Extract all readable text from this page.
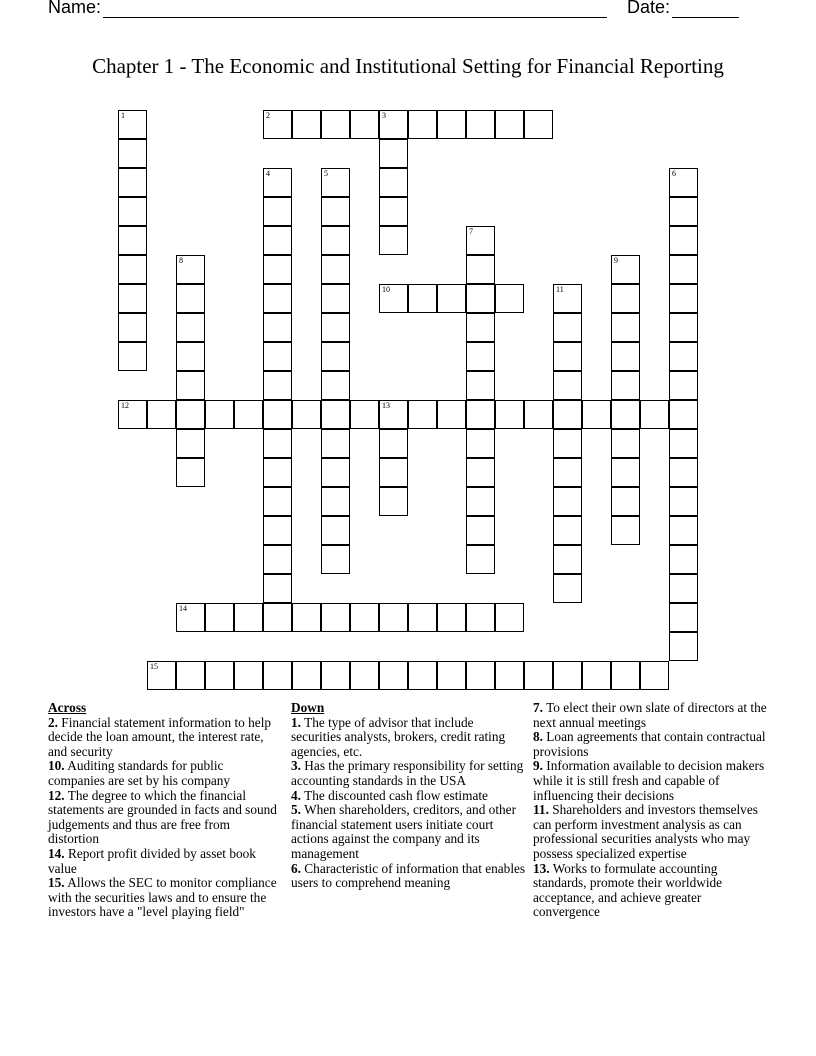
Name:	Date:
Chapter 1 - The Economic and Institutional Setting for Financial Reporting
1	2	3
4	5	6
7
8	9
10	11
12	13
14
15
Across
2. Financial statement information to help decide the loan amount, the interest rate, and security
10. Auditing standards for public companies are set by his company
12. The degree to which the financial statements are grounded in facts and sound judgements and thus are free from distortion
14. Report profit divided by asset book value
15. Allows the SEC to monitor compliance with the securities laws and to ensure the investors have a "level playing field"
Down
1. The type of advisor that include securities analysts, brokers, credit rating agencies, etc.
3. Has the primary responsibility for setting accounting standards in the USA
4. The discounted cash flow estimate
5. When shareholders, creditors, and other financial statement users initiate court actions against the company and its management
6. Characteristic of information that enables users to comprehend meaning
7. To elect their own slate of directors at the next annual meetings
8. Loan agreements that contain contractual provisions
9. Information available to decision makers while it is still fresh and capable of influencing their decisions
11. Shareholders and investors themselves can perform investment analysis as can professional securities analysts who may possess specialized expertise
13. Works to formulate accounting standards, promote their worldwide acceptance, and achieve greater convergence
